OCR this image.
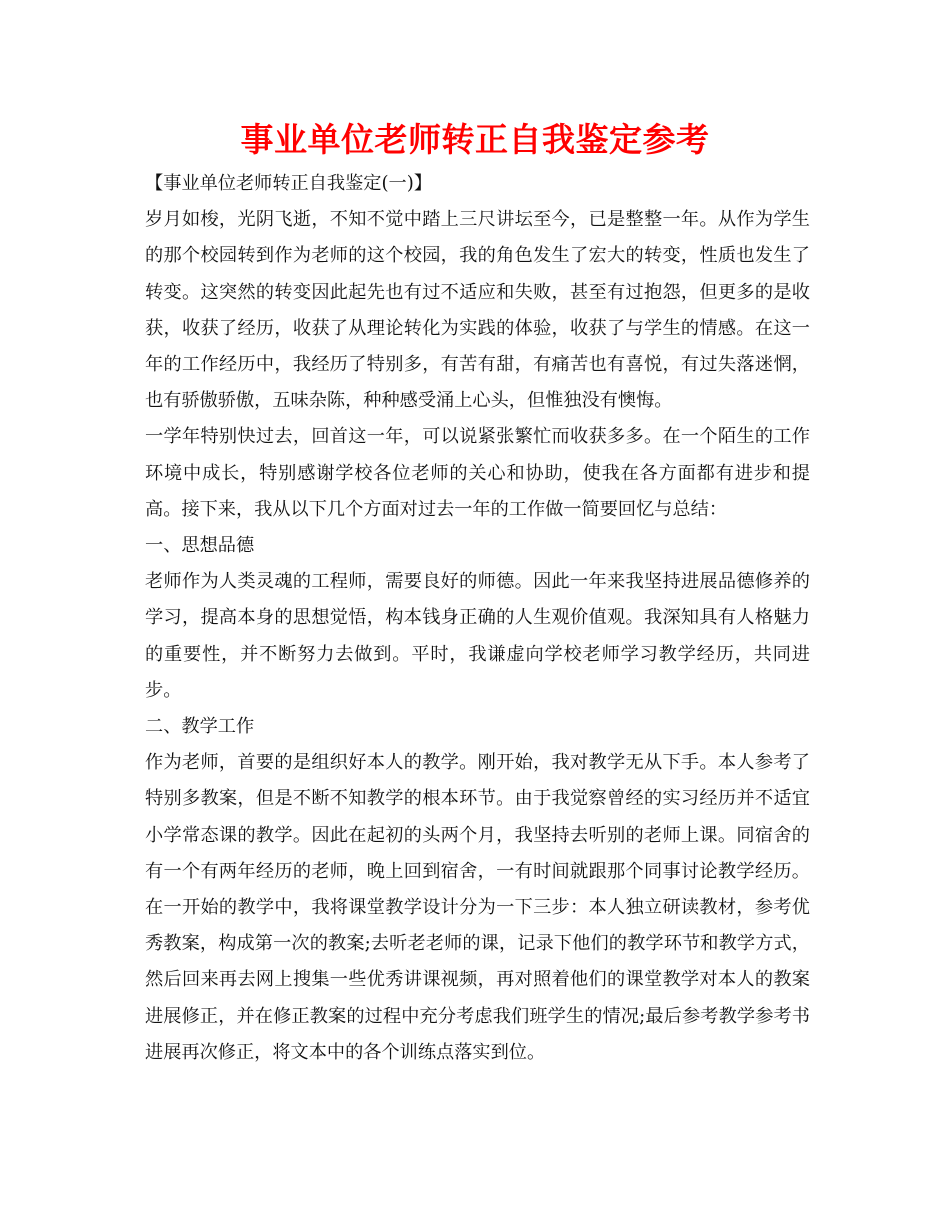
事业单位老师转正自我鉴定参考

【事业单位老师转正自我鉴定(一)】

岁月如梭，光阴飞逝，不知不觉中踏上三尺讲坛至今，已是整整一年。从作为学生的那个校园转到作为老师的这个校园，我的角色发生了宏大的转变，性质也发生了转变。这突然的转变因此起先也有过不适应和失败，甚至有过抱怨，但更多的是收获，收获了经历，收获了从理论转化为实践的体验，收获了与学生的情感。在这一年的工作经历中，我经历了特别多，有苦有甜，有痛苦也有喜悦，有过失落迷惘，也有骄傲骄傲，五味杂陈，种种感受涌上心头，但惟独没有懊悔。

一学年特别快过去，回首这一年，可以说紧张繁忙而收获多多。在一个陌生的工作环境中成长，特别感谢学校各位老师的关心和协助，使我在各方面都有进步和提高。接下来，我从以下几个方面对过去一年的工作做一简要回忆与总结：

一、思想品德

老师作为人类灵魂的工程师，需要良好的师德。因此一年来我坚持进展品德修养的学习，提高本身的思想觉悟，构本钱身正确的人生观价值观。我深知具有人格魅力的重要性，并不断努力去做到。平时，我谦虚向学校老师学习教学经历，共同进步。

二、教学工作

作为老师，首要的是组织好本人的教学。刚开始，我对教学无从下手。本人参考了特别多教案，但是不断不知教学的根本环节。由于我觉察曾经的实习经历并不适宜小学常态课的教学。因此在起初的头两个月，我坚持去听别的老师上课。同宿舍的有一个有两年经历的老师，晚上回到宿舍，一有时间就跟那个同事讨论教学经历。在一开始的教学中，我将课堂教学设计分为一下三步：本人独立研读教材，参考优秀教案，构成第一次的教案;去听老老师的课，记录下他们的教学环节和教学方式，然后回来再去网上搜集一些优秀讲课视频，再对照着他们的课堂教学对本人的教案进展修正，并在修正教案的过程中充分考虑我们班学生的情况;最后参考教学参考书进展再次修正，将文本中的各个训练点落实到位。
